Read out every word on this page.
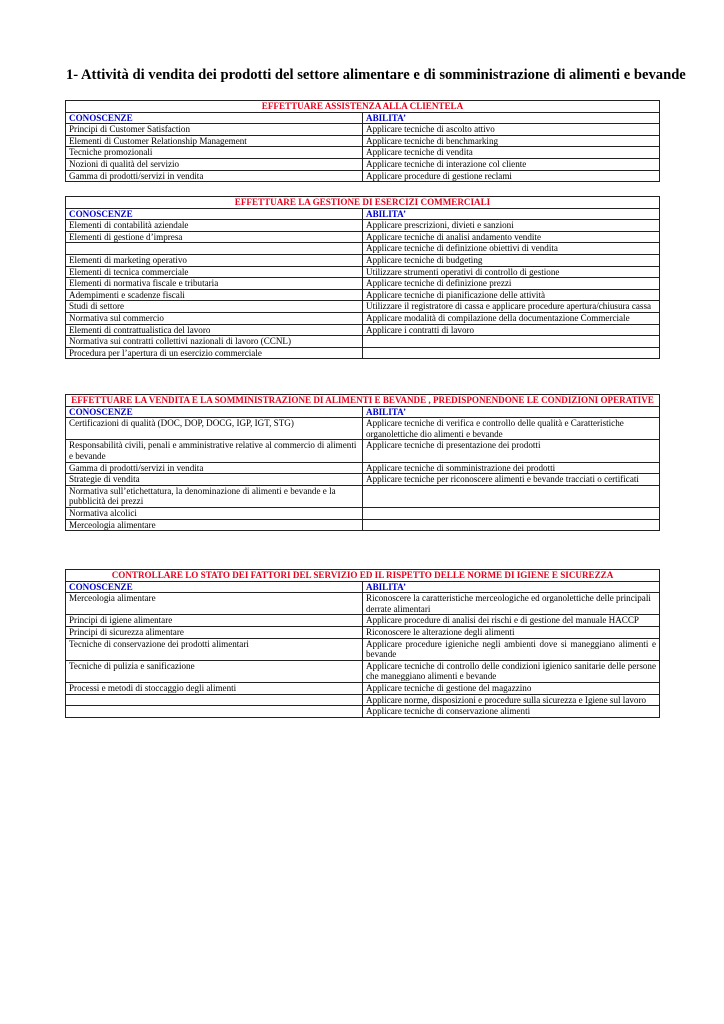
1- Attività di vendita dei prodotti del settore alimentare e di somministrazione di alimenti e bevande
EFFETTUARE ASSISTENZA ALLA CLIENTELA	
CONOSCENZE	ABILITA’
Principi di Customer Satisfaction	Applicare tecniche di ascolto attivo
Elementi di Customer Relationship Management	Applicare tecniche di benchmarking
Tecniche promozionali	Applicare tecniche di vendita
Nozioni di qualità del servizio	Applicare tecniche di interazione col cliente
Gamma di prodotti/servizi in vendita	Applicare procedure di gestione reclami
EFFETTUARE LA GESTIONE DI ESERCIZI COMMERCIALI	
CONOSCENZE	ABILITA’
Elementi di contabilità aziendale	Applicare prescrizioni, divieti e sanzioni
Elementi di gestione d’impresa	Applicare tecniche di analisi andamento vendite
	Applicare tecniche di definizione obiettivi di vendita
Elementi di marketing operativo	Applicare tecniche di budgeting
Elementi di tecnica commerciale	Utilizzare strumenti operativi di controllo di gestione
Elementi di normativa fiscale e tributaria	Applicare tecniche di definizione prezzi
Adempimenti e scadenze fiscali	Applicare tecniche di pianificazione delle attività
Studi di settore	Utilizzare il registratore di cassa e applicare procedure apertura/chiusura cassa
Normativa sul commercio	Applicare modalità di compilazione della documentazione Commerciale
Elementi di contrattualistica del lavoro	Applicare i contratti di lavoro
Normativa sui contratti collettivi nazionali di lavoro (CCNL)	
Procedura per l’apertura di un esercizio commerciale	
EFFETTUARE LA VENDITA E LA SOMMINISTRAZIONE DI ALIMENTI E BEVANDE , PREDISPONENDONE LE CONDIZIONI OPERATIVE	
CONOSCENZE	ABILITA’
Certificazioni di qualità (DOC, DOP, DOCG, IGP, IGT, STG)	Applicare tecniche di verifica e controllo delle qualità e Caratteristiche organolettiche dio alimenti e bevande
Responsabilità civili, penali e amministrative relative al commercio di alimenti e bevande	Applicare tecniche di presentazione dei prodotti
Gamma di prodotti/servizi in vendita	Applicare tecniche di somministrazione dei prodotti
Strategie di vendita	Applicare tecniche per riconoscere alimenti e bevande tracciati o certificati
Normativa sull’etichettatura, la denominazione di alimenti e bevande e la pubblicità dei prezzi	
Normativa alcolici	
Merceologia alimentare	
CONTROLLARE LO STATO DEI FATTORI DEL SERVIZIO ED IL RISPETTO DELLE NORME DI IGIENE E SICUREZZA	
CONOSCENZE	ABILITA’
Merceologia alimentare	Riconoscere la caratteristiche merceologiche ed organolettiche delle principali derrate alimentari
Principi di igiene alimentare	Applicare procedure di analisi dei rischi e di gestione del manuale HACCP
Principi di sicurezza alimentare	Riconoscere le alterazione degli alimenti
Tecniche di conservazione dei prodotti alimentari	Applicare procedure igieniche negli ambienti dove si maneggiano alimenti e bevande
Tecniche di pulizia e sanificazione	Applicare tecniche di controllo delle condizioni igienico sanitarie delle persone che maneggiano alimenti e bevande
Processi e metodi di stoccaggio degli alimenti	Applicare tecniche di gestione del magazzino
	Applicare norme, disposizioni e procedure sulla sicurezza e Igiene sul lavoro
	Applicare tecniche di conservazione alimenti
